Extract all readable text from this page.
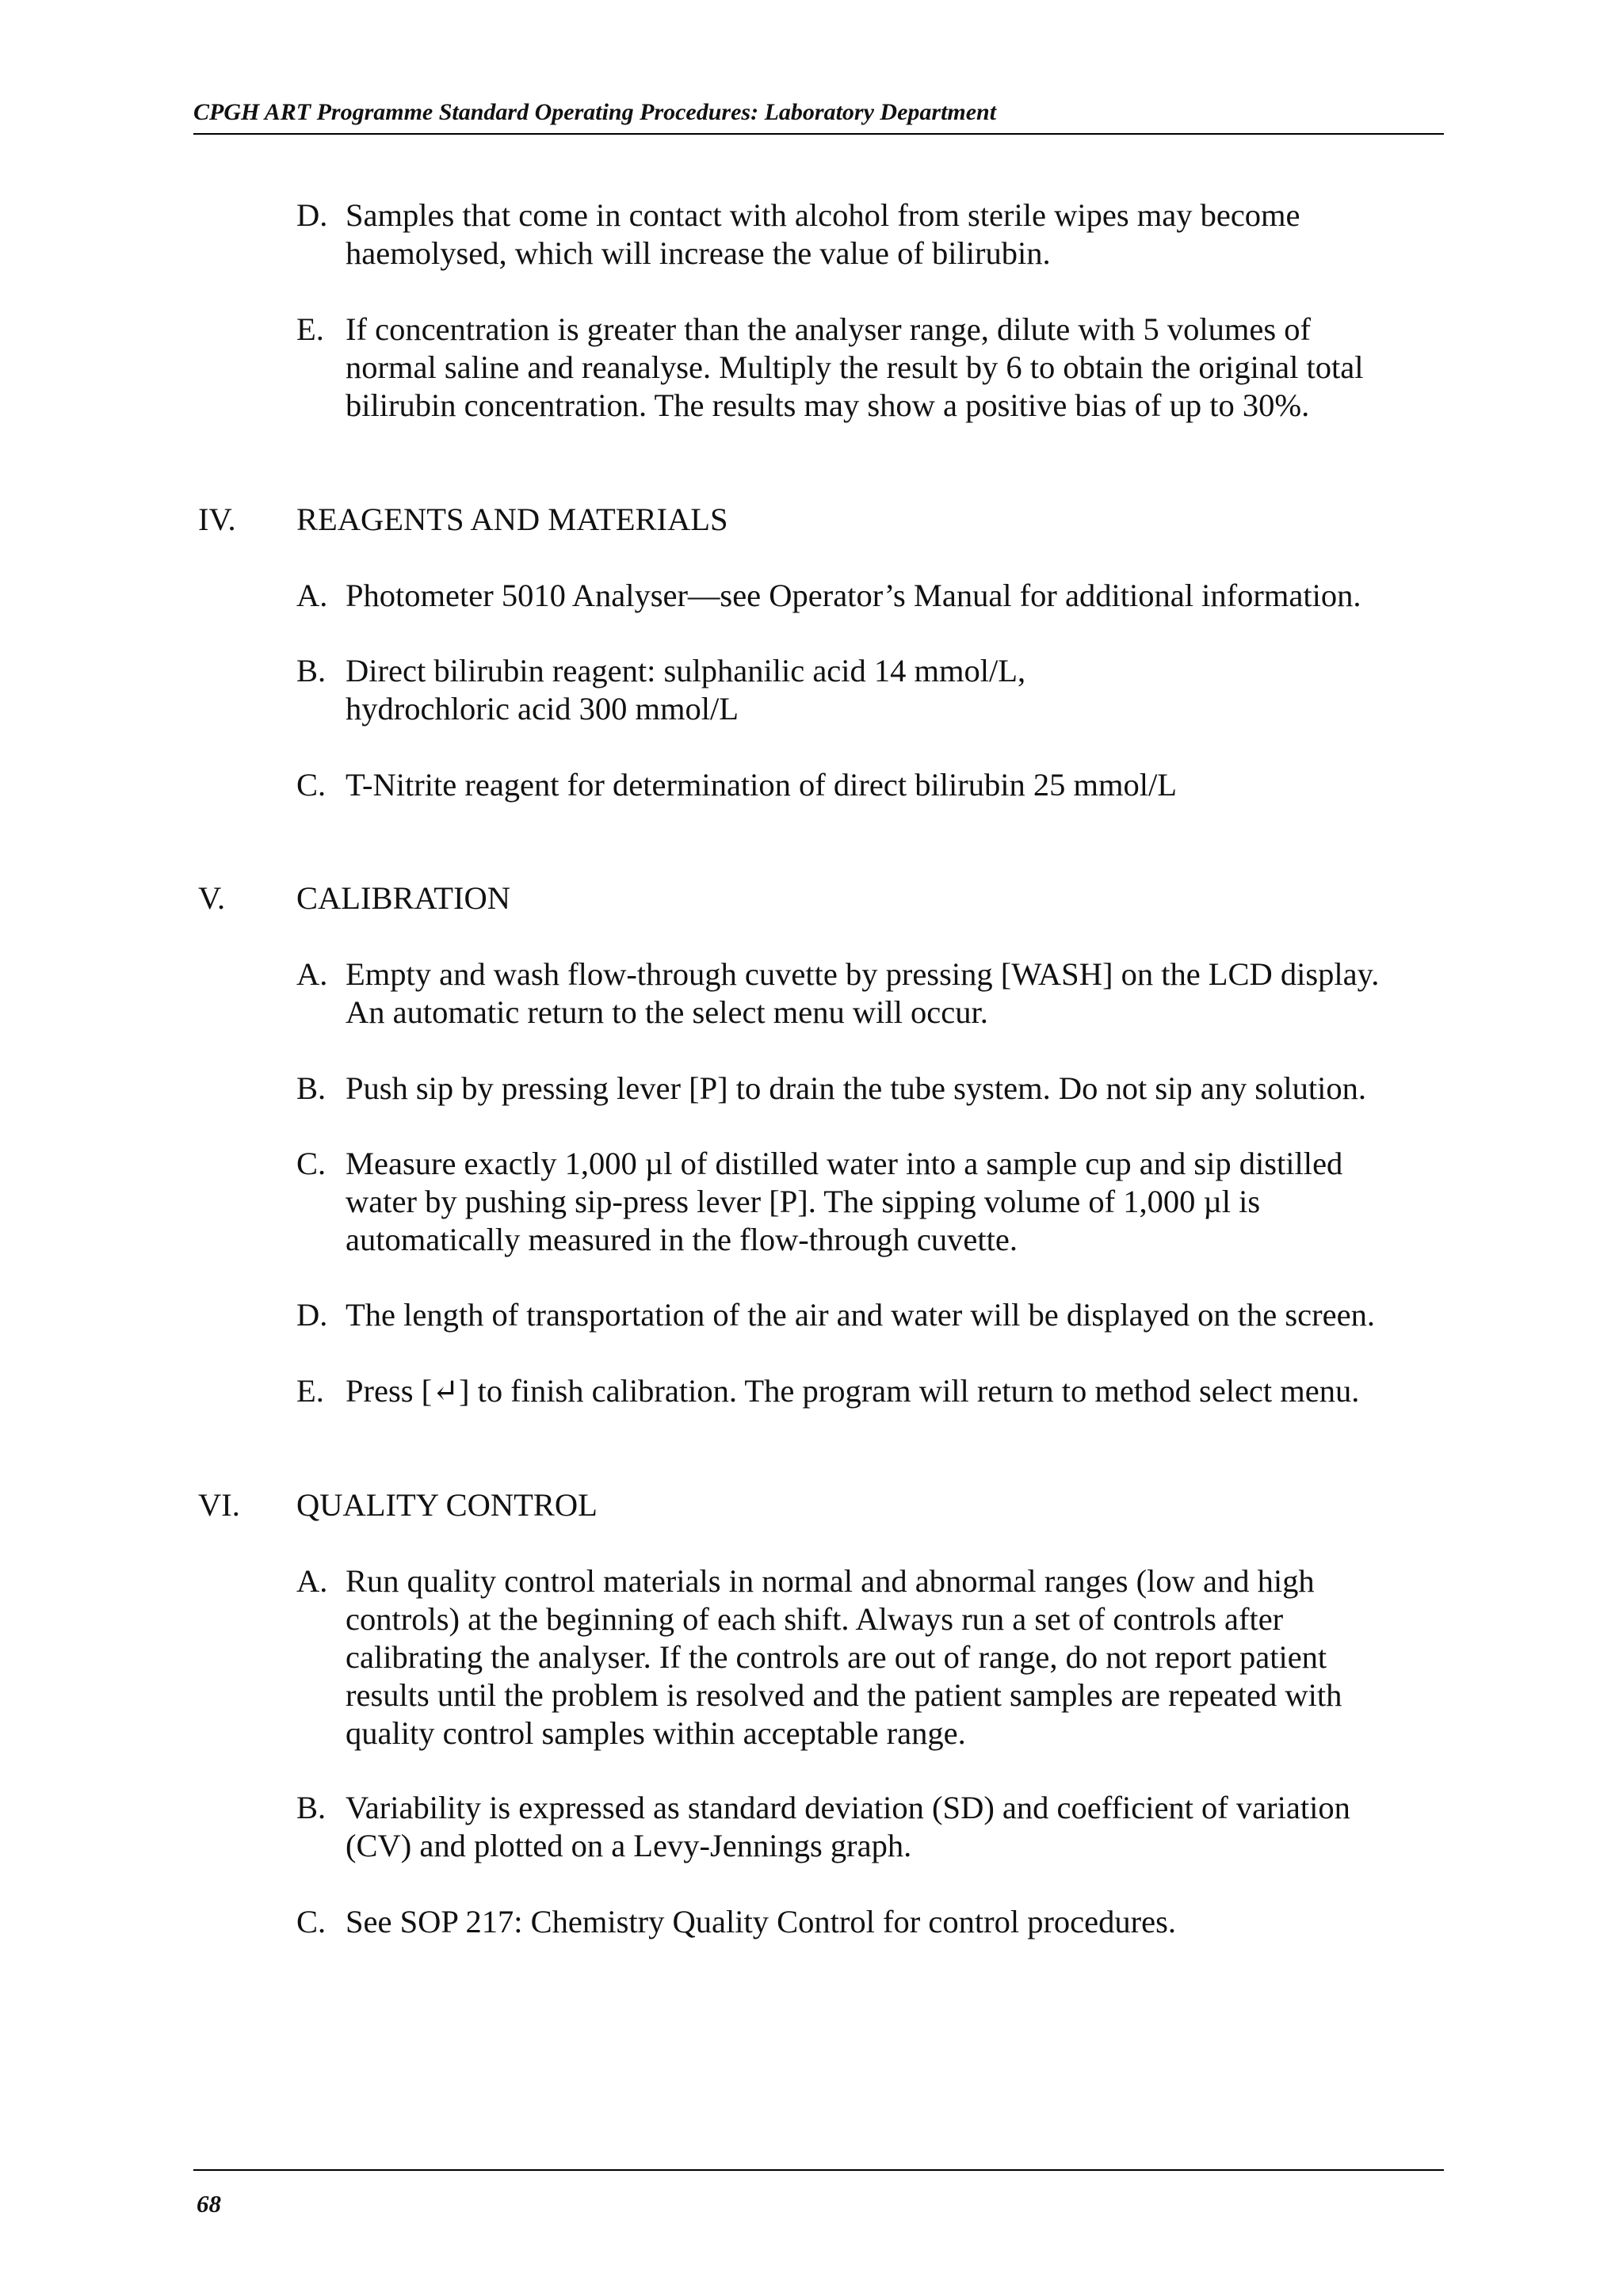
CPGH ART Programme Standard Operating Procedures: Laboratory Department
D. Samples that come in contact with alcohol from sterile wipes may become
haemolysed, which will increase the value of bilirubin.
E. If concentration is greater than the analyser range, dilute with 5 volumes of
normal saline and reanalyse. Multiply the result by 6 to obtain the original total
bilirubin concentration. The results may show a positive bias of up to 30%.
IV.	REAGENTS AND MATERIALS
A. Photometer 5010 Analyser—see Operator’s Manual for additional information.
B. Direct bilirubin reagent: sulphanilic acid 14 mmol/L,
hydrochloric acid 300 mmol/L
C. T-Nitrite reagent for determination of direct bilirubin 25 mmol/L
V.	CALIBRATION
A. Empty and wash flow-through cuvette by pressing [WASH] on the LCD display.
An automatic return to the select menu will occur.
B. Push sip by pressing lever [P] to drain the tube system. Do not sip any solution.
C. Measure exactly 1,000 µl of distilled water into a sample cup and sip distilled
water by pushing sip-press lever [P]. The sipping volume of 1,000 µl is
automatically measured in the flow-through cuvette.
D. The length of transportation of the air and water will be displayed on the screen.
E. Press [↵] to finish calibration. The program will return to method select menu.
VI.	QUALITY CONTROL
A. Run quality control materials in normal and abnormal ranges (low and high
controls) at the beginning of each shift. Always run a set of controls after
calibrating the analyser. If the controls are out of range, do not report patient
results until the problem is resolved and the patient samples are repeated with
quality control samples within acceptable range.
B. Variability is expressed as standard deviation (SD) and coefficient of variation
(CV) and plotted on a Levy-Jennings graph.
C. See SOP 217: Chemistry Quality Control for control procedures.
68
